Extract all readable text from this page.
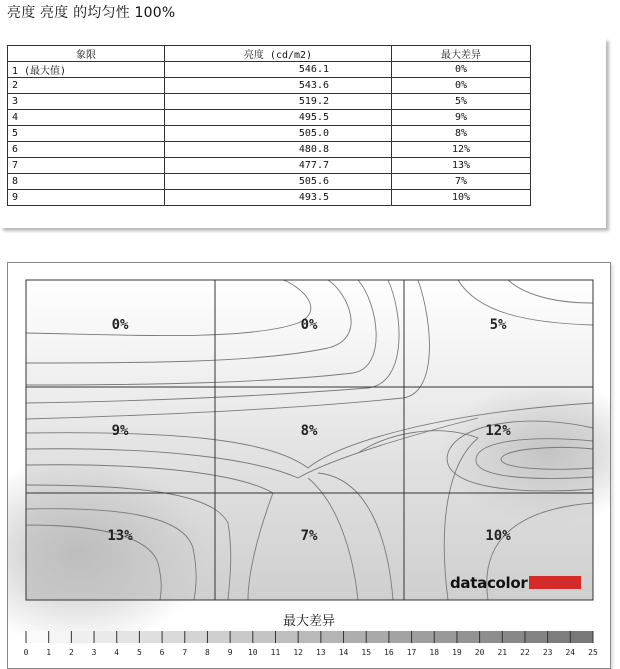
亮度 亮度 的均匀性 100%
象限	亮度 (cd/m2)	最大差异
1 (最大值)	546.1	0%
2	543.6	0%
3	519.2	5%
4	495.5	9%
5	505.0	8%
6	480.8	12%
7	477.7	13%
8	505.6	7%
9	493.5	10%
0%	0%	5%
9%	8%	12%
13%	7%	10%
0 1 2 3 4 5 6 7 8 9 10 11 12 13 14 15 16 17 18 19 20 21 22 23 24 25
datacolor
最大差异
